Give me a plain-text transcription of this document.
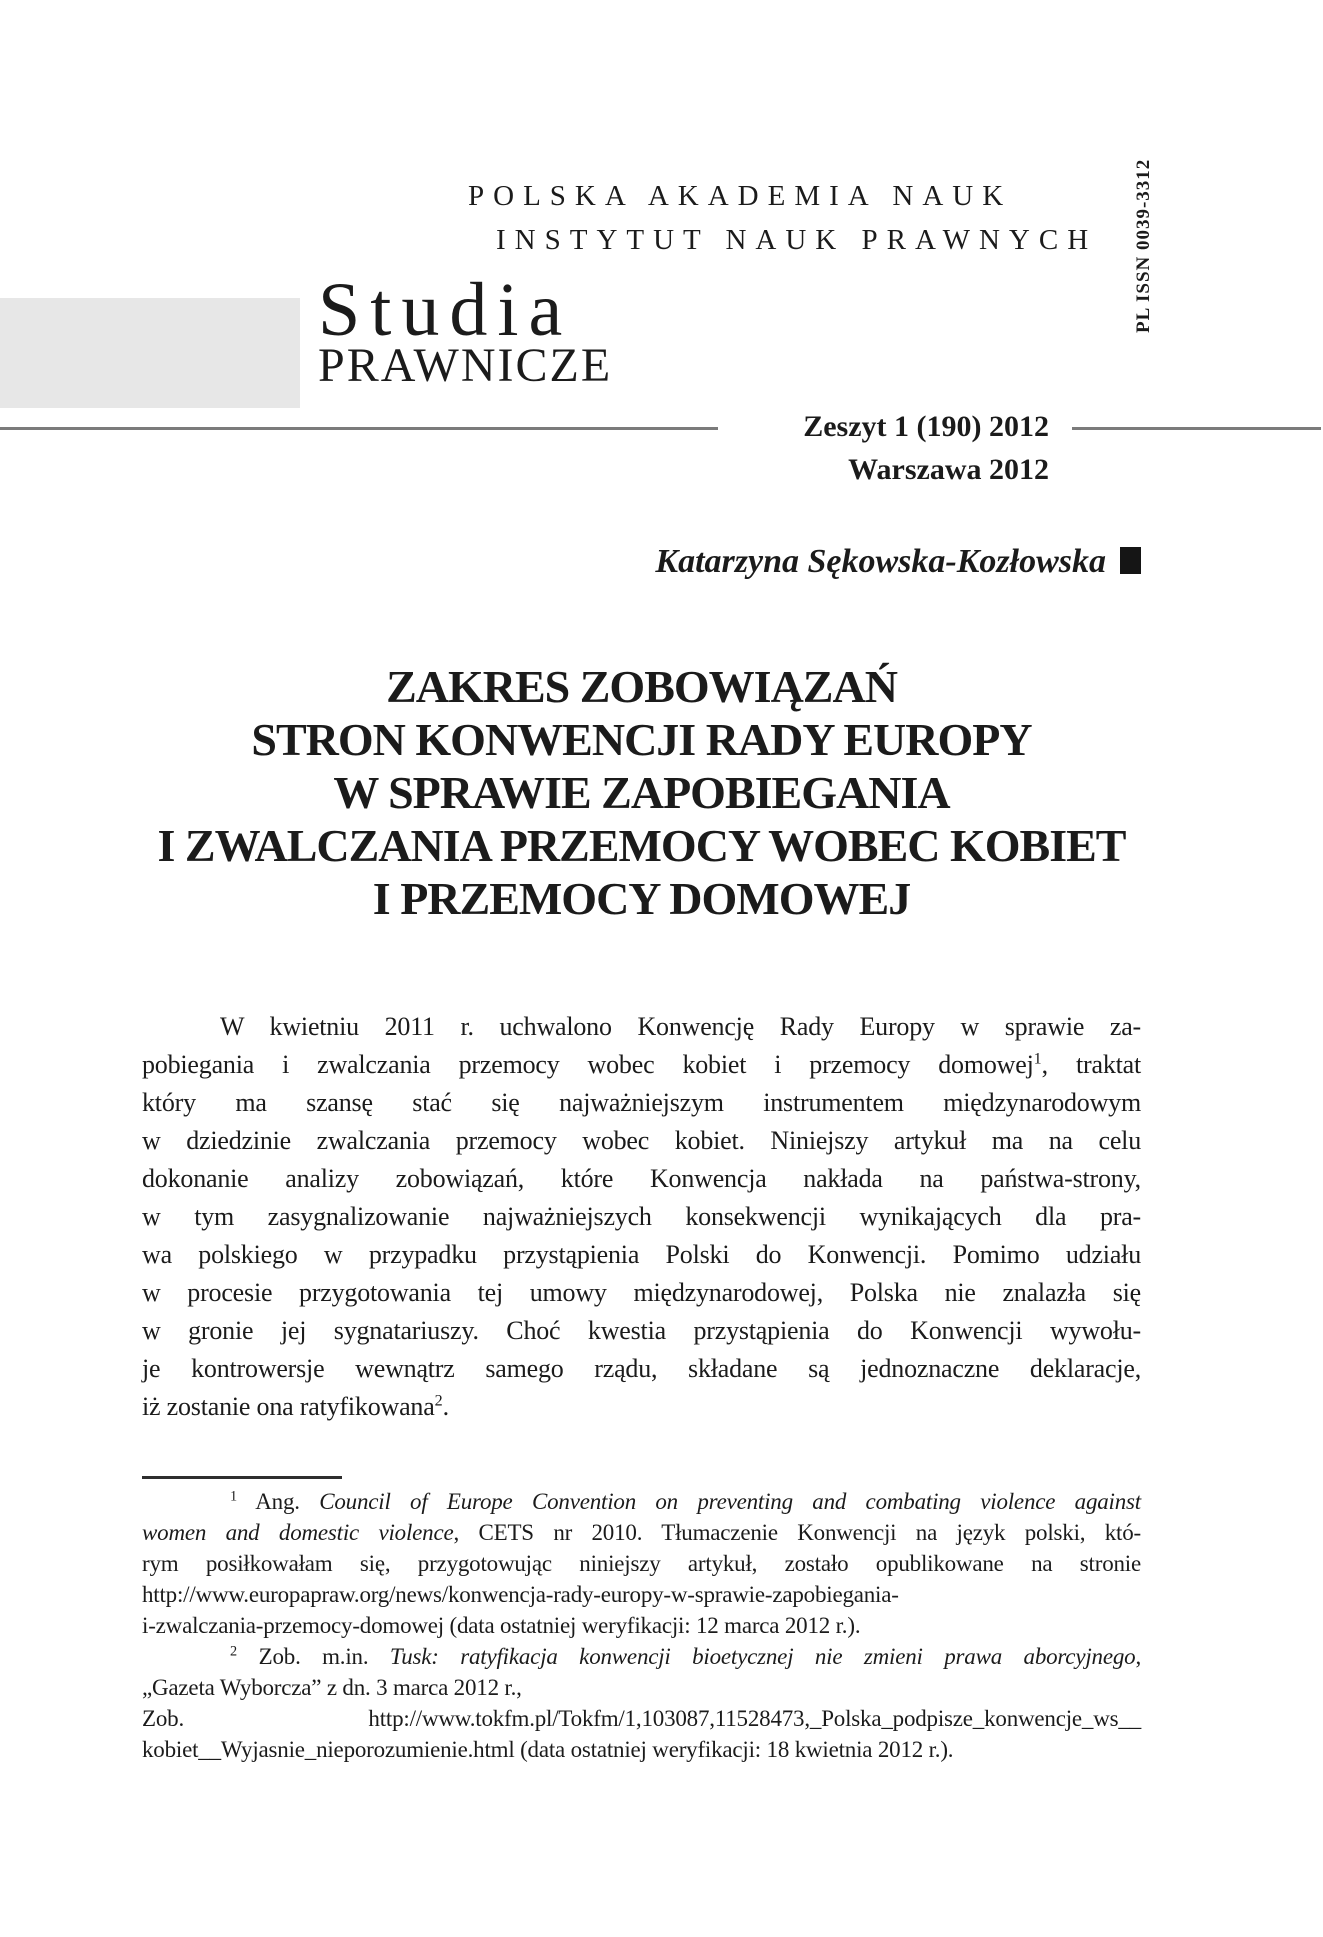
POLSKA AKADEMIA NAUK
INSTYTUT NAUK PRAWNYCH PL ISSN 0039-3312
Studia
PRAWNICZE
Zeszyt 1 (190) 2012
Warszawa 2012
Katarzyna Sękowska-Kozłowska
ZAKRES ZOBOWIĄZAŃ
STRON KONWENCJI RADY EUROPY
W SPRAWIE ZAPOBIEGANIA
I ZWALCZANIA PRZEMOCY WOBEC KOBIET
I PRZEMOCY DOMOWEJ
W kwietniu 2011 r. uchwalono Konwencję Rady Europy w sprawie za-
pobiegania i zwalczania przemocy wobec kobiet i przemocy domowej$^1$, traktat
który ma szansę stać się najważniejszym instrumentem międzynarodowym
w dziedzinie zwalczania przemocy wobec kobiet. Niniejszy artykuł ma na celu
dokonanie analizy zobowiązań, które Konwencja nakłada na państwa-strony,
w tym zasygnalizowanie najważniejszych konsekwencji wynikających dla pra-
wa polskiego w przypadku przystąpienia Polski do Konwencji. Pomimo udziału
w procesie przygotowania tej umowy międzynarodowej, Polska nie znalazła się
w gronie jej sygnatariuszy. Choć kwestia przystąpienia do Konwencji wywołu-
je kontrowersje wewnątrz samego rządu, składane są jednoznaczne deklaracje,
iż zostanie ona ratyfikowana$^2$.
$^1$ Ang. Council of Europe Convention on preventing and combating violence against
women and domestic violence, CETS nr 2010. Tłumaczenie Konwencji na język polski, któ-
rym posiłkowałam się, przygotowując niniejszy artykuł, zostało opublikowane na stronie
http://www.europapraw.org/news/konwencja-rady-europy-w-sprawie-zapobiegania-
i-zwalczania-przemocy-domowej (data ostatniej weryfikacji: 12 marca 2012 r.).
$^2$ Zob. m.in. Tusk: ratyfikacja konwencji bioetycznej nie zmieni prawa aborcyjnego,
„Gazeta Wyborcza” z dn. 3 marca 2012 r.,
Zob. http://www.tokfm.pl/Tokfm/1,103087,11528473,_Polska_podpisze_konwencje_ws__
kobiet__Wyjasnie_nieporozumienie.html (data ostatniej weryfikacji: 18 kwietnia 2012 r.).
